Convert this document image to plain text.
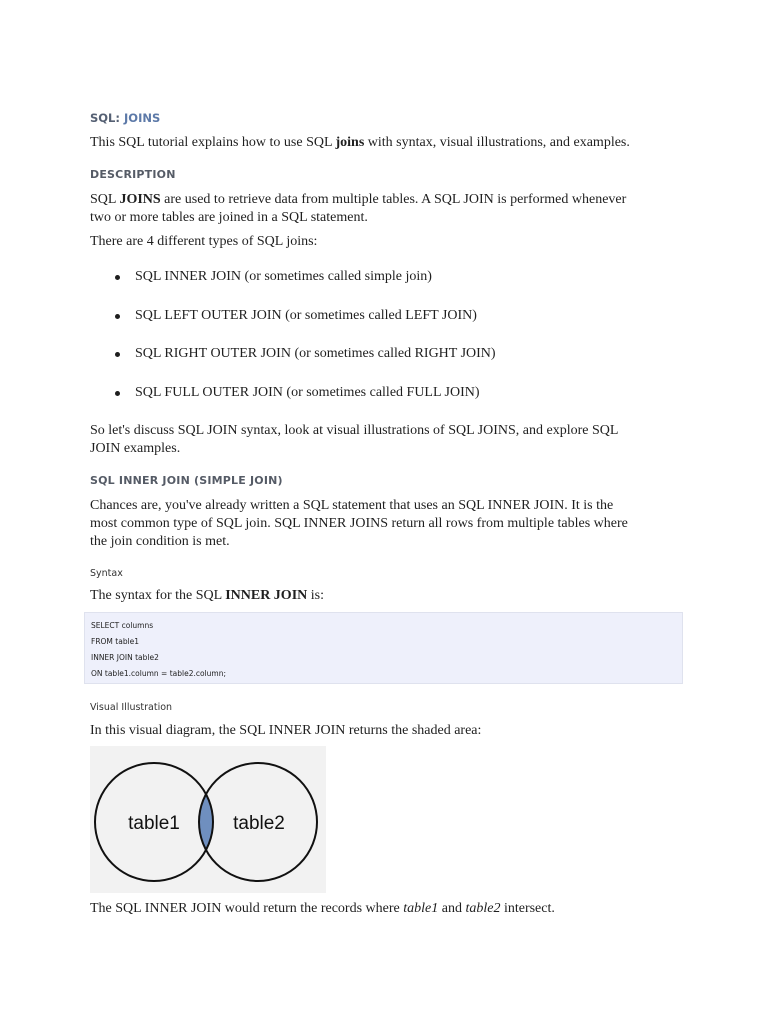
SQL: JOINS
This SQL tutorial explains how to use SQL joins with syntax, visual illustrations, and examples.
DESCRIPTION
SQL JOINS are used to retrieve data from multiple tables. A SQL JOIN is performed whenever
two or more tables are joined in a SQL statement.
There are 4 different types of SQL joins:
SQL INNER JOIN (or sometimes called simple join)
SQL LEFT OUTER JOIN (or sometimes called LEFT JOIN)
SQL RIGHT OUTER JOIN (or sometimes called RIGHT JOIN)
SQL FULL OUTER JOIN (or sometimes called FULL JOIN)
So let's discuss SQL JOIN syntax, look at visual illustrations of SQL JOINS, and explore SQL
JOIN examples.
SQL INNER JOIN (SIMPLE JOIN)
Chances are, you've already written a SQL statement that uses an SQL INNER JOIN. It is the
most common type of SQL join. SQL INNER JOINS return all rows from multiple tables where
the join condition is met.
Syntax
The syntax for the SQL INNER JOIN is:
SELECT columns
FROM table1
INNER JOIN table2
ON table1.column = table2.column;
Visual Illustration
In this visual diagram, the SQL INNER JOIN returns the shaded area:
table1	table2
The SQL INNER JOIN would return the records where table1 and table2 intersect.
